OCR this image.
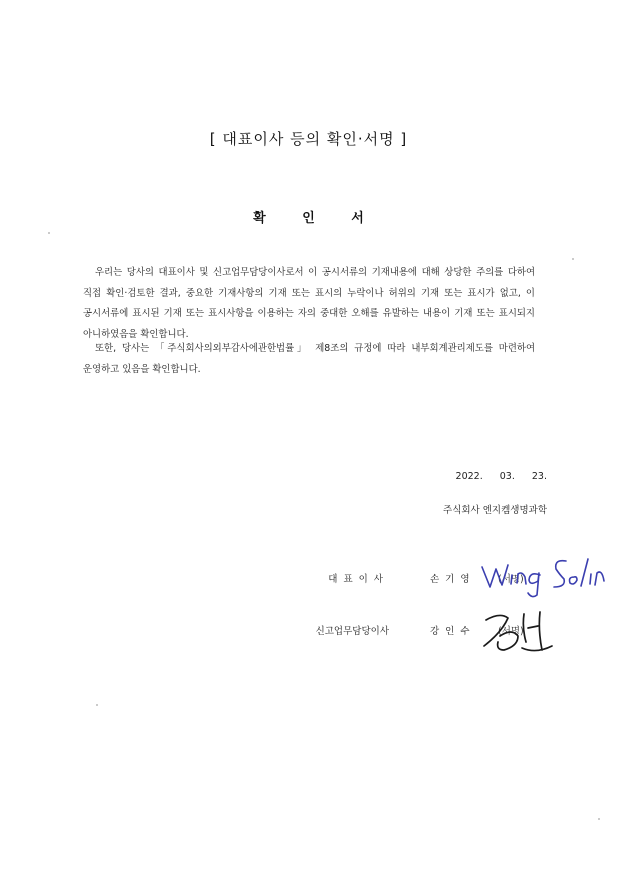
[ 대표이사 등의 확인·서명 ]
확 인 서
우리는 당사의 대표이사 및 신고업무담당이사로서 이 공시서류의 기재내용에 대해 상당한 주의를 다하여 직접 확인·검토한 결과, 중요한 기재사항의 기재 또는 표시의 누락이나 허위의 기재 또는 표시가 없고, 이 공시서류에 표시된 기재 또는 표시사항을 이용하는 자의 중대한 오해를 유발하는 내용이 기재 또는 표시되지 아니하였음을 확인합니다.
또한, 당사는 「주식회사의외부감사에관한법률」 제8조의 규정에 따라 내부회계관리제도를 마련하여 운영하고 있음을 확인합니다.
2022. 03. 23.
주식회사 엔지켐생명과학
대표이사	손기영 (서명)
신고업무담당이사	강인수 (서명)
